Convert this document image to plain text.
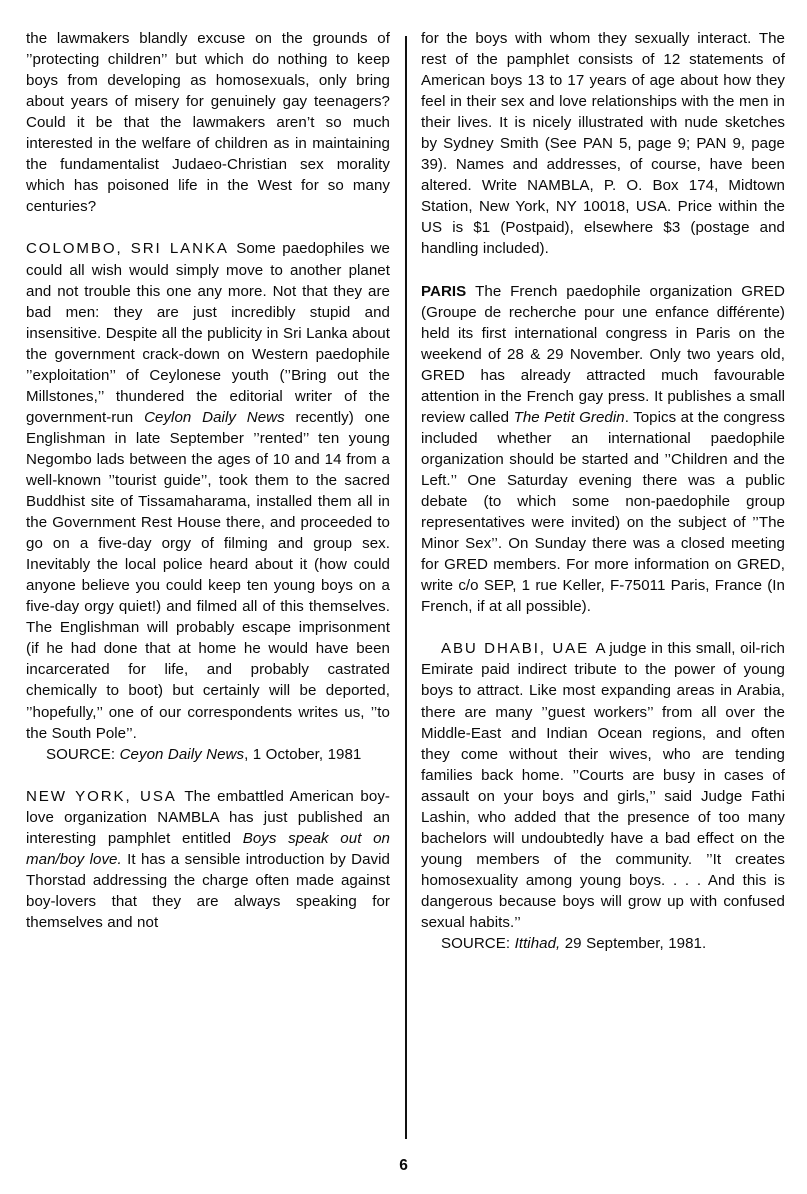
the lawmakers blandly excuse on the grounds of ’’protecting children’’ but which do nothing to keep boys from developing as homosexuals, only bring about years of misery for genuinely gay teenagers? Could it be that the lawmakers aren’t so much interested in the welfare of children as in maintaining the fundamentalist Judaeo-Christian sex morality which has poisoned life in the West for so many centuries?

COLOMBO, SRI LANKA Some paedophiles we could all wish would simply move to another planet and not trouble this one any more. Not that they are bad men: they are just incredibly stupid and insensitive. Despite all the publicity in Sri Lanka about the government crack-down on Western paedophile ’’exploitation’’ of Ceylonese youth (’’Bring out the Millstones,’’ thundered the editorial writer of the government-run Ceylon Daily News recently) one Englishman in late September ’’rented’’ ten young Negombo lads between the ages of 10 and 14 from a well-known ’’tourist guide’’, took them to the sacred Buddhist site of Tissamaharama, installed them all in the Government Rest House there, and proceeded to go on a five-day orgy of filming and group sex. Inevitably the local police heard about it (how could anyone believe you could keep ten young boys on a five-day orgy quiet!) and filmed all of this themselves. The Englishman will probably escape imprisonment (if he had done that at home he would have been incarcerated for life, and probably castrated chemically to boot) but certainly will be deported, ’’hopefully,’’ one of our correspondents writes us, ’’to the South Pole’’.

SOURCE: Ceyon Daily News, 1 October, 1981

NEW YORK, USA The embattled American boy-love organization NAMBLA has just published an interesting pamphlet entitled Boys speak out on man/boy love. It has a sensible introduction by David Thorstad addressing the charge often made against boy-lovers that they are always speaking for themselves and not

for the boys with whom they sexually interact. The rest of the pamphlet consists of 12 statements of American boys 13 to 17 years of age about how they feel in their sex and love relationships with the men in their lives. It is nicely illustrated with nude sketches by Sydney Smith (See PAN 5, page 9; PAN 9, page 39). Names and addresses, of course, have been altered. Write NAMBLA, P. O. Box 174, Midtown Station, New York, NY 10018, USA. Price within the US is $1 (Postpaid), elsewhere $3 (postage and handling included).

PARIS The French paedophile organization GRED (Groupe de recherche pour une enfance différente) held its first international congress in Paris on the weekend of 28 & 29 November. Only two years old, GRED has already attracted much favourable attention in the French gay press. It publishes a small review called The Petit Gredin. Topics at the congress included whether an international paedophile organization should be started and ’’Children and the Left.’’ One Saturday evening there was a public debate (to which some non-paedophile group representatives were invited) on the subject of ’’The Minor Sex’’. On Sunday there was a closed meeting for GRED members. For more information on GRED, write c/o SEP, 1 rue Keller, F-75011 Paris, France (In French, if at all possible).

ABU DHABI, UAE A judge in this small, oil-rich Emirate paid indirect tribute to the power of young boys to attract. Like most expanding areas in Arabia, there are many ’’guest workers’’ from all over the Middle-East and Indian Ocean regions, and often they come without their wives, who are tending families back home. ’’Courts are busy in cases of assault on your boys and girls,’’ said Judge Fathi Lashin, who added that the presence of too many bachelors will undoubtedly have a bad effect on the young members of the community. ’’It creates homosexuality among young boys. . . . And this is dangerous because boys will grow up with confused sexual habits.’’

SOURCE: Ittihad, 29 September, 1981.

6
